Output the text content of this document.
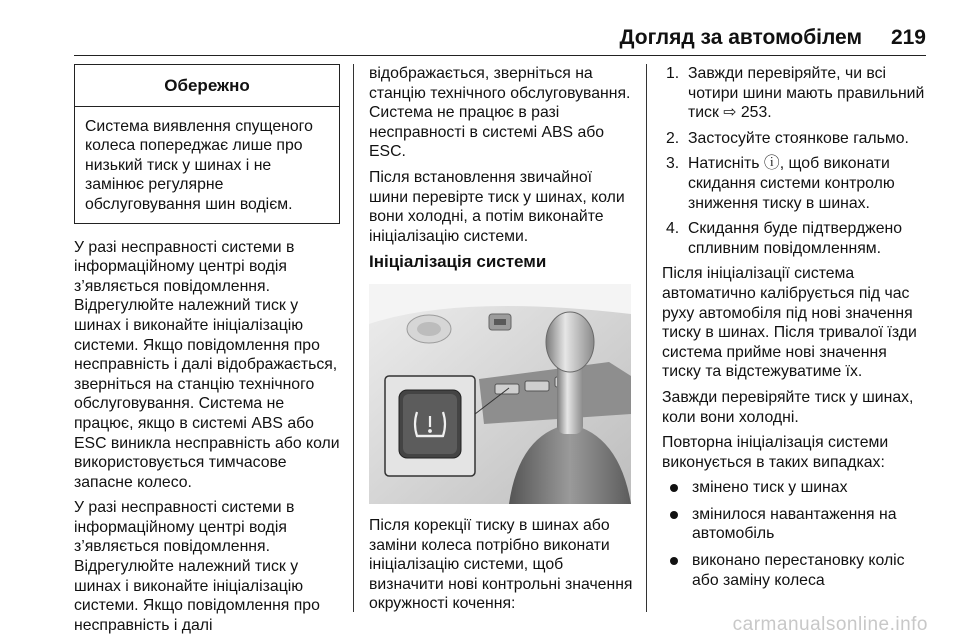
Догляд за автомобілем 219
Обережно
Система виявлення спущеного колеса попереджає лише про низький тиск у шинах і не замінює регулярне обслуговування шин водієм.

У разі несправності системи в інформаційному центрі водія з’являється повідомлення. Відрегулюйте належний тиск у шинах і виконайте ініціалізацію системи. Якщо повідомлення про несправність і далі відображається, зверніться на станцію технічного обслуговування. Система не працює, якщо в системі ABS або ESC виникла несправність або коли використовується тимчасове запасне колесо.

У разі несправності системи в інформаційному центрі водія з’являється повідомлення. Відрегулюйте належний тиск у шинах і виконайте ініціалізацію системи. Якщо повідомлення про несправність і далі

відображається, зверніться на станцію технічного обслуговування. Система не працює в разі несправності в системі ABS або ESC.

Після встановлення звичайної шини перевірте тиск у шинах, коли вони холодні, а потім виконайте ініціалізацію системи.

Ініціалізація системи

Після корекції тиску в шинах або заміни колеса потрібно виконати ініціалізацію системи, щоб визначити нові контрольні значення окружності кочення:

1. Завжди перевіряйте, чи всі чотири шини мають правильний тиск ⇨ 253.
2. Застосуйте стоянкове гальмо.
3. Натисніть ⓘ, щоб виконати скидання системи контролю зниження тиску в шинах.
4. Скидання буде підтверджено спливним повідомленням.

Після ініціалізації система автоматично калібрується під час руху автомобіля під нові значення тиску в шинах. Після тривалої їзди система прийме нові значення тиску та відстежуватиме їх.

Завжди перевіряйте тиск у шинах, коли вони холодні.

Повторна ініціалізація системи виконується в таких випадках:

змінено тиск у шинах
змінилося навантаження на автомобіль
виконано перестановку коліс або заміну колеса
carmanualsonline.info
